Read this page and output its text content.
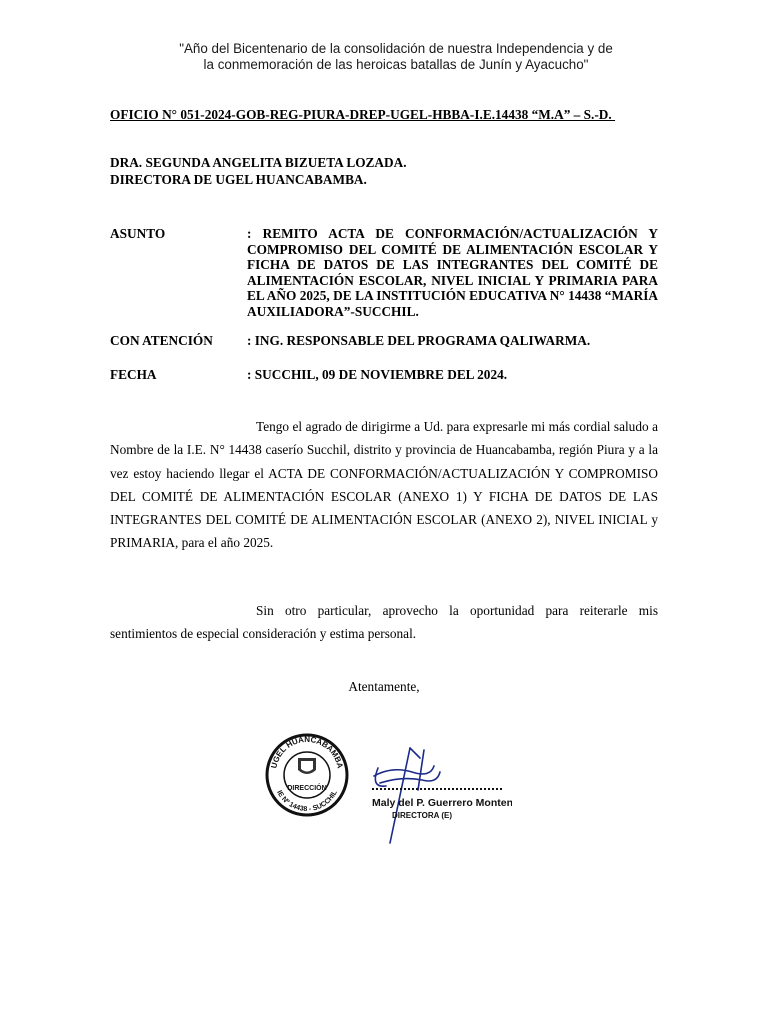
"Año del Bicentenario de la consolidación de nuestra Independencia y de
la conmemoración de las heroicas batallas de Junín y Ayacucho"
OFICIO N° 051-2024-GOB-REG-PIURA-DREP-UGEL-HBBA-I.E.14438 “M.A” – S.-D.
DRA. SEGUNDA ANGELITA BIZUETA LOZADA.
DIRECTORA DE UGEL HUANCABAMBA.
ASUNTO	: REMITO ACTA DE CONFORMACIÓN/ACTUALIZACIÓN Y COMPROMISO DEL COMITÉ DE ALIMENTACIÓN ESCOLAR Y FICHA DE DATOS DE LAS INTEGRANTES DEL COMITÉ DE ALIMENTACIÓN ESCOLAR, NIVEL INICIAL Y PRIMARIA PARA EL AÑO 2025, DE LA INSTITUCIÓN EDUCATIVA N° 14438 “MARÍA AUXILIADORA”-SUCCHIL.
CON ATENCIÓN	: ING. RESPONSABLE DEL PROGRAMA QALIWARMA.
FECHA	: SUCCHIL, 09 DE NOVIEMBRE DEL 2024.
Tengo el agrado de dirigirme a Ud. para expresarle mi más cordial saludo a Nombre de la I.E. N° 14438 caserío Succhil, distrito y provincia de Huancabamba, región Piura y a la vez estoy haciendo llegar el ACTA DE CONFORMACIÓN/ACTUALIZACIÓN Y COMPROMISO DEL COMITÉ DE ALIMENTACIÓN ESCOLAR (ANEXO 1) Y FICHA DE DATOS DE LAS INTEGRANTES DEL COMITÉ DE ALIMENTACIÓN ESCOLAR (ANEXO 2), NIVEL INICIAL y PRIMARIA, para el año 2025.
Sin otro particular, aprovecho la oportunidad para reiterarle mis sentimientos de especial consideración y estima personal.
Atentamente,
UGEL HUANCABAMBA
IE Nº 14438 - SUCCHIL
DIRECCIÓN
Maly del P. Guerrero Monten
DIRECTORA (E)
